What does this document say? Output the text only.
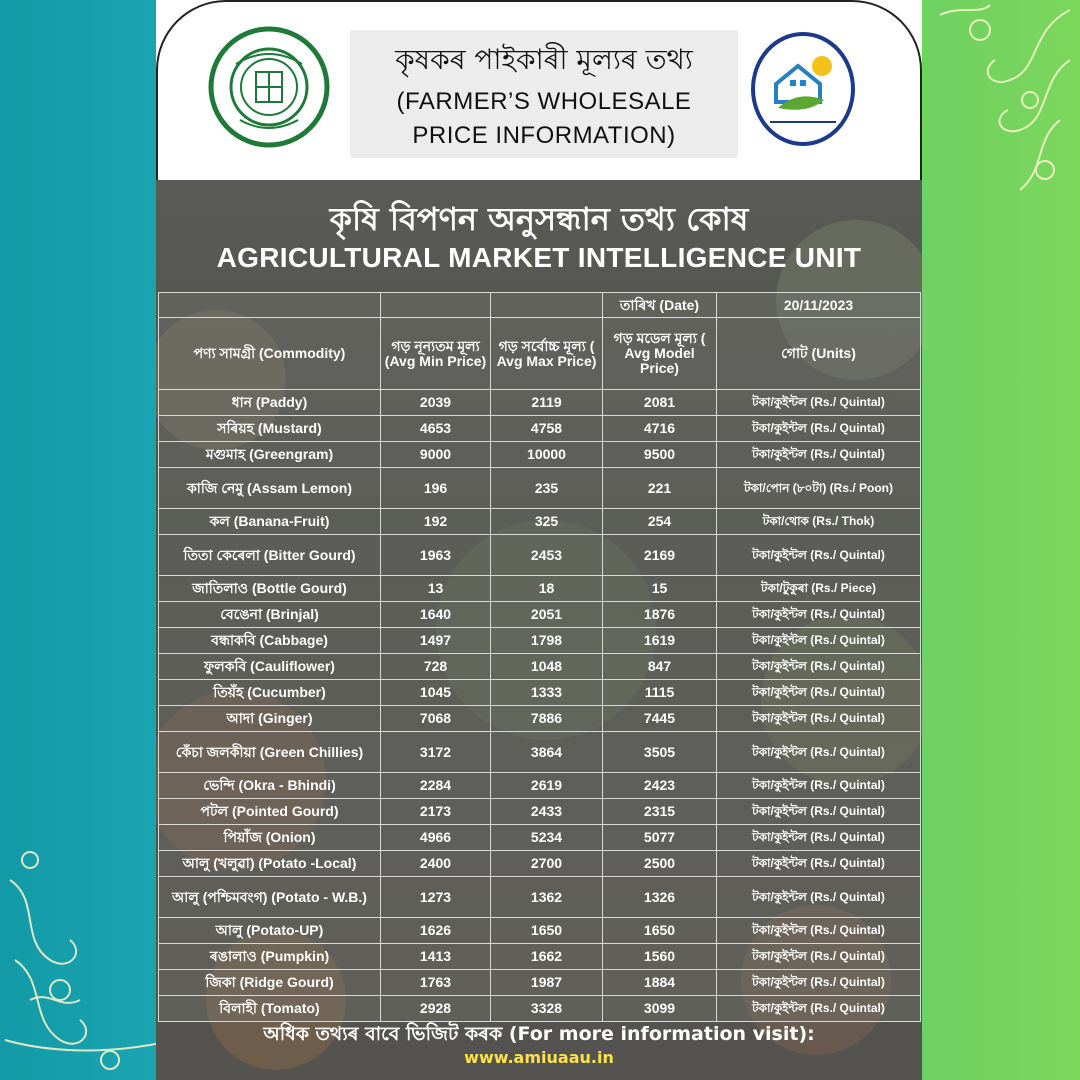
কৃষকৰ পাইকাৰী মূল্যৰ তথ্য
(FARMER’S WHOLESALE
PRICE INFORMATION)
কৃষি বিপণন অনুসন্ধান তথ্য কোষ
AGRICULTURAL MARKET INTELLIGENCE UNIT
			তাৰিখ (Date)	20/11/2023
পণ্য সামগ্ৰী (Commodity)	গড় নূন্যতম মূল্য (Avg Min Price)	গড় সৰ্বোচ্চ মূল্য ( Avg Max Price)	গড় মডেল মূল্য ( Avg Model Price)	গোট (Units)
ধান (Paddy)	2039	2119	2081	টকা/কুইন্টল (Rs./ Quintal)
সৰিয়হ (Mustard)	4653	4758	4716	টকা/কুইন্টল (Rs./ Quintal)
মগুমাহ (Greengram)	9000	10000	9500	টকা/কুইন্টল (Rs./ Quintal)
কাজি নেমু (Assam Lemon)	196	235	221	টকা/পোন (৮০টা) (Rs./ Poon)
কল (Banana-Fruit)	192	325	254	টকা/থোক (Rs./ Thok)
তিতা কেৰেলা (Bitter Gourd)	1963	2453	2169	টকা/কুইন্টল (Rs./ Quintal)
জাতিলাও (Bottle Gourd)	13	18	15	টকা/টুকুৰা (Rs./ Piece)
বেঙেনা (Brinjal)	1640	2051	1876	টকা/কুইন্টল (Rs./ Quintal)
বন্ধাকবি (Cabbage)	1497	1798	1619	টকা/কুইন্টল (Rs./ Quintal)
ফুলকবি (Cauliflower)	728	1048	847	টকা/কুইন্টল (Rs./ Quintal)
তিয়ঁহ (Cucumber)	1045	1333	1115	টকা/কুইন্টল (Rs./ Quintal)
আদা (Ginger)	7068	7886	7445	টকা/কুইন্টল (Rs./ Quintal)
কেঁচা জলকীয়া (Green Chillies)	3172	3864	3505	টকা/কুইন্টল (Rs./ Quintal)
ভেন্দি (Okra - Bhindi)	2284	2619	2423	টকা/কুইন্টল (Rs./ Quintal)
পটল (Pointed Gourd)	2173	2433	2315	টকা/কুইন্টল (Rs./ Quintal)
পিয়াঁজ (Onion)	4966	5234	5077	টকা/কুইন্টল (Rs./ Quintal)
আলু (খলুৱা) (Potato -Local)	2400	2700	2500	টকা/কুইন্টল (Rs./ Quintal)
আলু (পশ্চিমবংগ) (Potato - W.B.)	1273	1362	1326	টকা/কুইন্টল (Rs./ Quintal)
আলু (Potato-UP)	1626	1650	1650	টকা/কুইন্টল (Rs./ Quintal)
ৰঙালাও (Pumpkin)	1413	1662	1560	টকা/কুইন্টল (Rs./ Quintal)
জিকা (Ridge Gourd)	1763	1987	1884	টকা/কুইন্টল (Rs./ Quintal)
বিলাহী (Tomato)	2928	3328	3099	টকা/কুইন্টল (Rs./ Quintal)
অধিক তথ্যৰ বাবে ভিজিট কৰক (For more information visit):
www.amiuaau.in
